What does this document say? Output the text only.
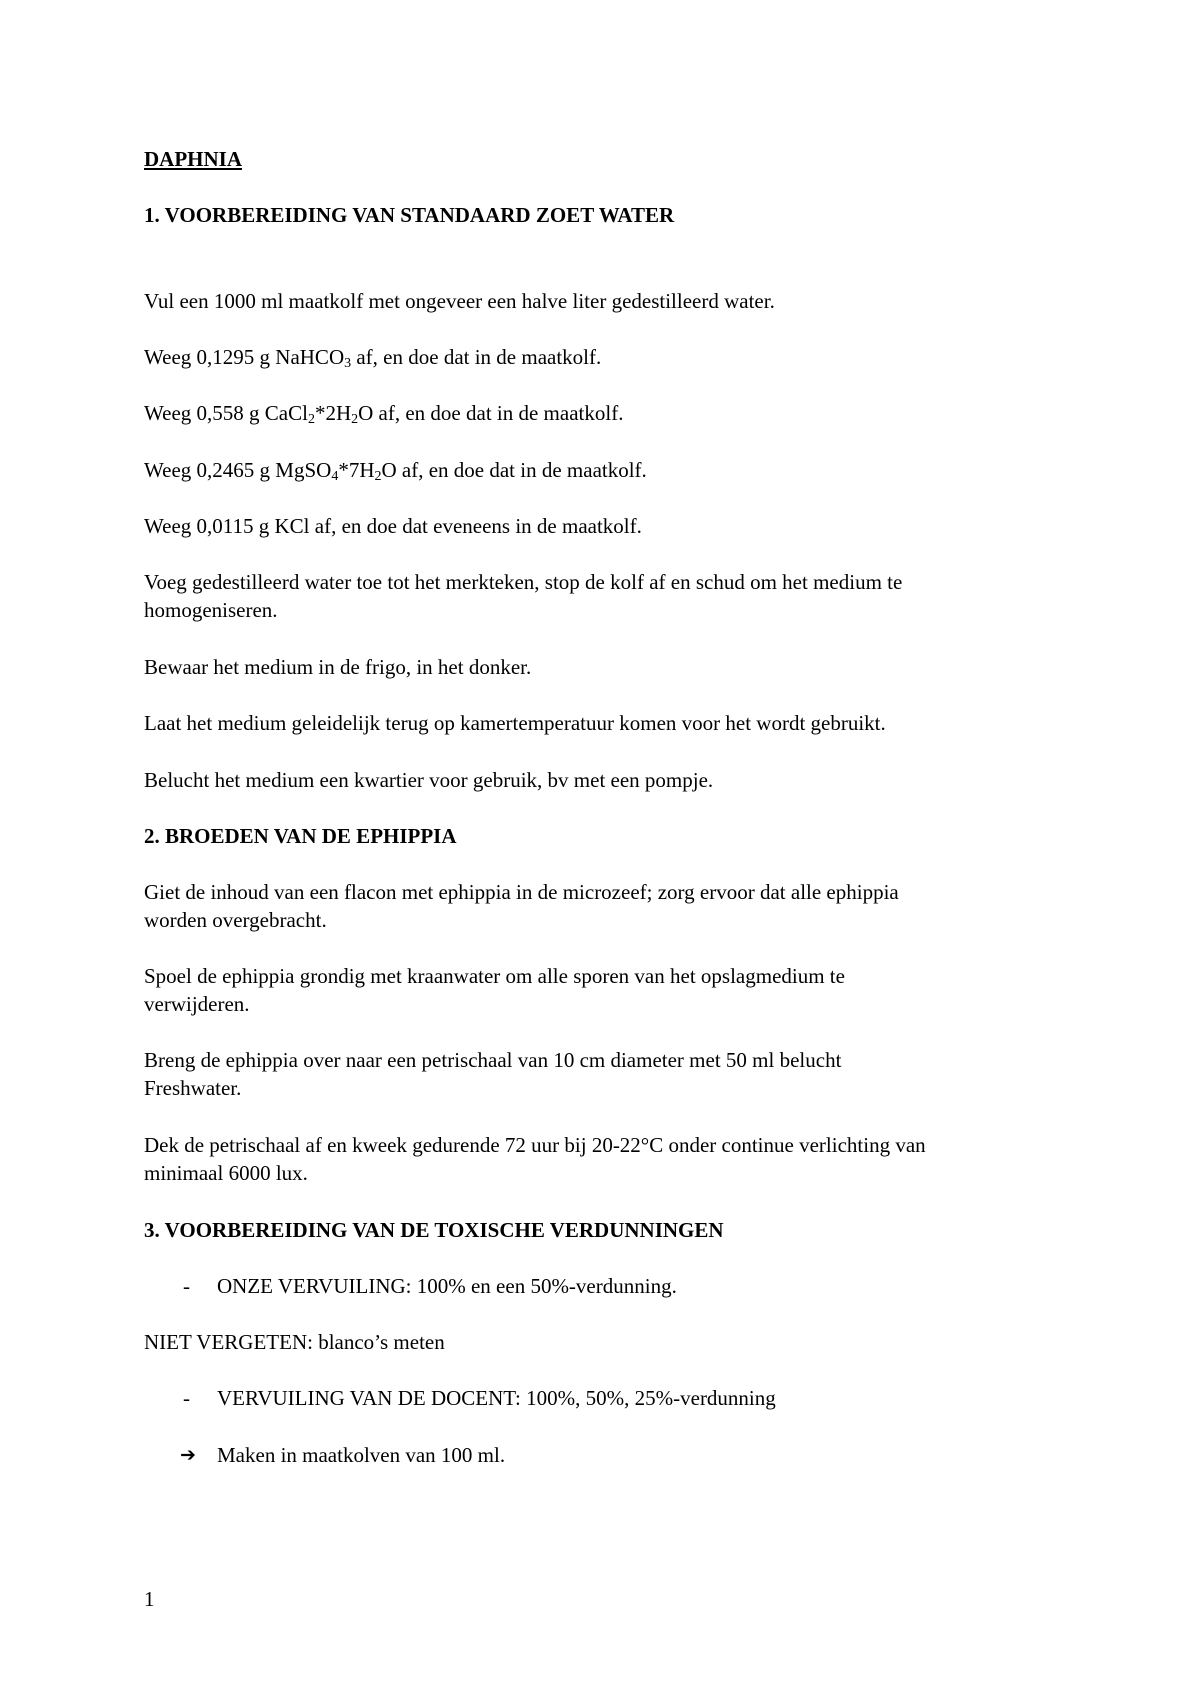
DAPHNIA

1. VOORBEREIDING VAN STANDAARD ZOET WATER

Vul een 1000 ml maatkolf met ongeveer een halve liter gedestilleerd water.

Weeg 0,1295 g NaHCO$_3$ af, en doe dat in de maatkolf.

Weeg 0,558 g $CaCl_2*2H_2O$ af, en doe dat in de maatkolf.

Weeg 0,2465 g $MgSO_4*7H_2O$ af, en doe dat in de maatkolf.

Weeg 0,0115 g KCl af, en doe dat eveneens in de maatkolf.

Voeg gedestilleerd water toe tot het merkteken, stop de kolf af en schud om het medium te
homogeniseren.

Bewaar het medium in de frigo, in het donker.

Laat het medium geleidelijk terug op kamertemperatuur komen voor het wordt gebruikt.

Belucht het medium een kwartier voor gebruik, bv met een pompje.

2. BROEDEN VAN DE EPHIPPIA

Giet de inhoud van een flacon met ephippia in de microzeef; zorg ervoor dat alle ephippia
worden overgebracht.

Spoel de ephippia grondig met kraanwater om alle sporen van het opslagmedium te
verwijderen.

Breng de ephippia over naar een petrischaal van 10 cm diameter met 50 ml belucht
Freshwater.

Dek de petrischaal af en kweek gedurende 72 uur bij 20-22°C onder continue verlichting van
minimaal 6000 lux.

3. VOORBEREIDING VAN DE TOXISCHE VERDUNNINGEN

- ONZE VERVUILING: 100% en een 50%-verdunning.

NIET VERGETEN: blanco’s meten

- VERVUILING VAN DE DOCENT: 100%, 50%, 25%-verdunning
➔ Maken in maatkolven van 100 ml.
1
